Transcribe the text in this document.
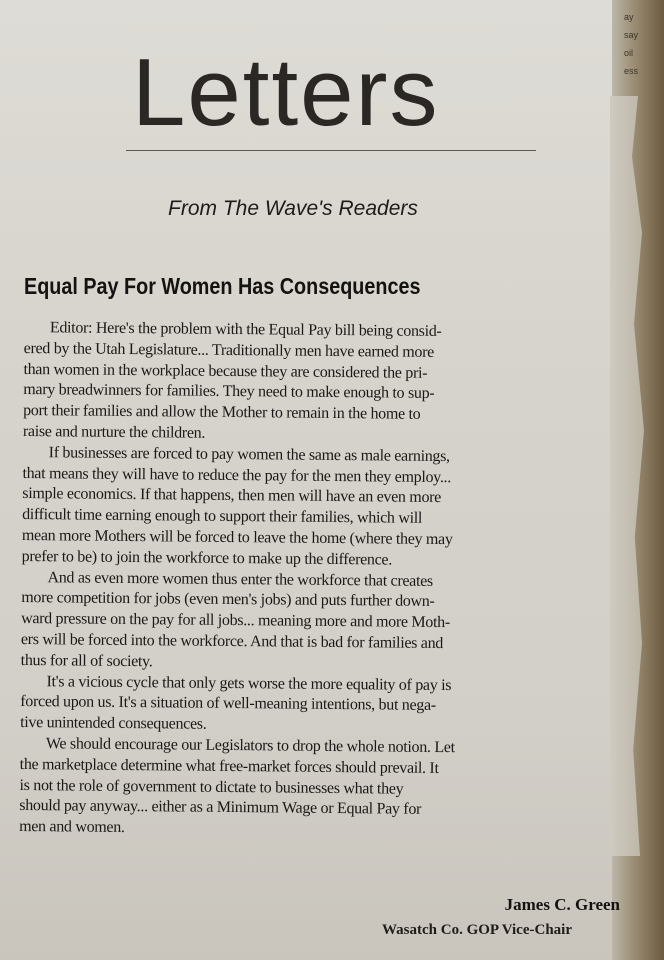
ay
say
oil
ess
Letters
From The Wave's Readers
Equal Pay For Women Has Consequences
Editor: Here's the problem with the Equal Pay bill being consid-
ered by the Utah Legislature... Traditionally men have earned more
than women in the workplace because they are considered the pri-
mary breadwinners for families. They need to make enough to sup-
port their families and allow the Mother to remain in the home to
raise and nurture the children.
If businesses are forced to pay women the same as male earnings,
that means they will have to reduce the pay for the men they employ...
simple economics. If that happens, then men will have an even more
difficult time earning enough to support their families, which will
mean more Mothers will be forced to leave the home (where they may
prefer to be) to join the workforce to make up the difference.
And as even more women thus enter the workforce that creates
more competition for jobs (even men's jobs) and puts further down-
ward pressure on the pay for all jobs... meaning more and more Moth-
ers will be forced into the workforce. And that is bad for families and
thus for all of society.
It's a vicious cycle that only gets worse the more equality of pay is
forced upon us. It's a situation of well-meaning intentions, but nega-
tive unintended consequences.
We should encourage our Legislators to drop the whole notion. Let
the marketplace determine what free-market forces should prevail. It
is not the role of government to dictate to businesses what they
should pay anyway... either as a Minimum Wage or Equal Pay for
men and women.
James C. Green
Wasatch Co. GOP Vice-Chair
